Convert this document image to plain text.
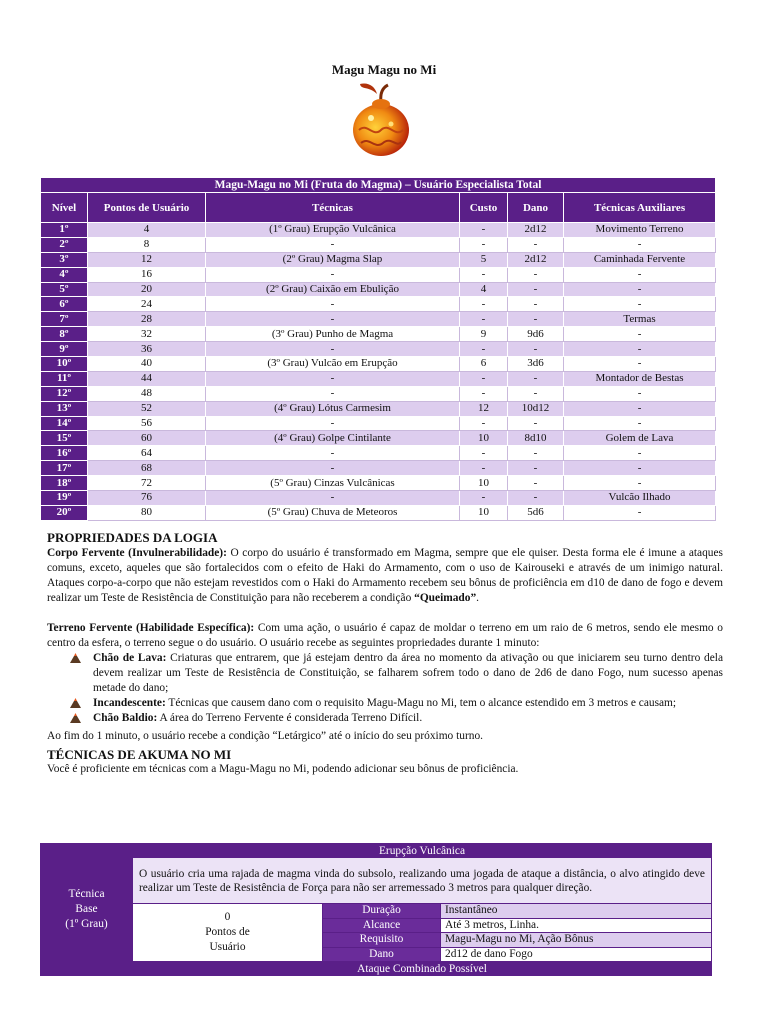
Magu Magu no Mi
Magu-Magu no Mi (Fruta do Magma) – Usuário Especialista Total					
Nível	Pontos de Usuário	Técnicas	Custo	Dano	Técnicas Auxiliares
1º	4	(1º Grau) Erupção Vulcânica	-	2d12	Movimento Terreno
2º	8	-	-	-	-
3º	12	(2º Grau) Magma Slap	5	2d12	Caminhada Fervente
4º	16	-	-	-	-
5º	20	(2º Grau) Caixão em Ebulição	4	-	-
6º	24	-	-	-	-
7º	28	-	-	-	Termas
8º	32	(3º Grau) Punho de Magma	9	9d6	-
9º	36	-	-	-	-
10º	40	(3º Grau) Vulcão em Erupção	6	3d6	-
11º	44	-	-	-	Montador de Bestas
12º	48	-	-	-	-
13º	52	(4º Grau) Lótus Carmesim	12	10d12	-
14º	56	-	-	-	-
15º	60	(4º Grau) Golpe Cintilante	10	8d10	Golem de Lava
16º	64	-	-	-	-
17º	68	-	-	-	-
18º	72	(5º Grau) Cinzas Vulcânicas	10	-	-
19º	76	-	-	-	Vulcão Ilhado
20º	80	(5º Grau) Chuva de Meteoros	10	5d6	-
PROPRIEDADES DA LOGIA

Corpo Fervente (Invulnerabilidade): O corpo do usuário é transformado em Magma, sempre que ele quiser. Desta forma ele é imune a ataques comuns, exceto, aqueles que são fortalecidos com o efeito de Haki do Armamento, com o uso de Kairouseki e através de um inimigo natural. Ataques corpo-a-corpo que não estejam revestidos com o Haki do Armamento recebem seu bônus de proficiência em d10 de dano de fogo e devem realizar um Teste de Resistência de Constituição para não receberem a condição “Queimado”.

Terreno Fervente (Habilidade Específica): Com uma ação, o usuário é capaz de moldar o terreno em um raio de 6 metros, sendo ele mesmo o centro da esfera, o terreno segue o do usuário. O usuário recebe as seguintes propriedades durante 1 minuto:

Chão de Lava: Criaturas que entrarem, que já estejam dentro da área no momento da ativação ou que iniciarem seu turno dentro dela devem realizar um Teste de Resistência de Constituição, se falharem sofrem todo o dano de 2d6 de dano Fogo, num sucesso apenas metade do dano;
Incandescente: Técnicas que causem dano com o requisito Magu-Magu no Mi, tem o alcance estendido em 3 metros e causam;
Chão Baldio: A área do Terreno Fervente é considerada Terreno Difícil.

Ao fim do 1 minuto, o usuário recebe a condição “Letárgico” até o início do seu próximo turno.

TÉCNICAS DE AKUMA NO MI

Você é proficiente em técnicas com a Magu-Magu no Mi, podendo adicionar seu bônus de proficiência.

Técnica
Base
(1º Grau)	Erupção Vulcânica		
	O usuário cria uma rajada de magma vinda do subsolo, realizando uma jogada de ataque a distância, o alvo atingido deve realizar um Teste de Resistência de Força para não ser arremessado 3 metros para qualquer direção.		

	0
Pontos de
Usuário	Duração	Instantâneo
		Alcance	Até 3 metros, Linha.
		Requisito	Magu-Magu no Mi, Ação Bônus
		Dano	2d12 de dano Fogo
	Ataque Combinado Possível		
